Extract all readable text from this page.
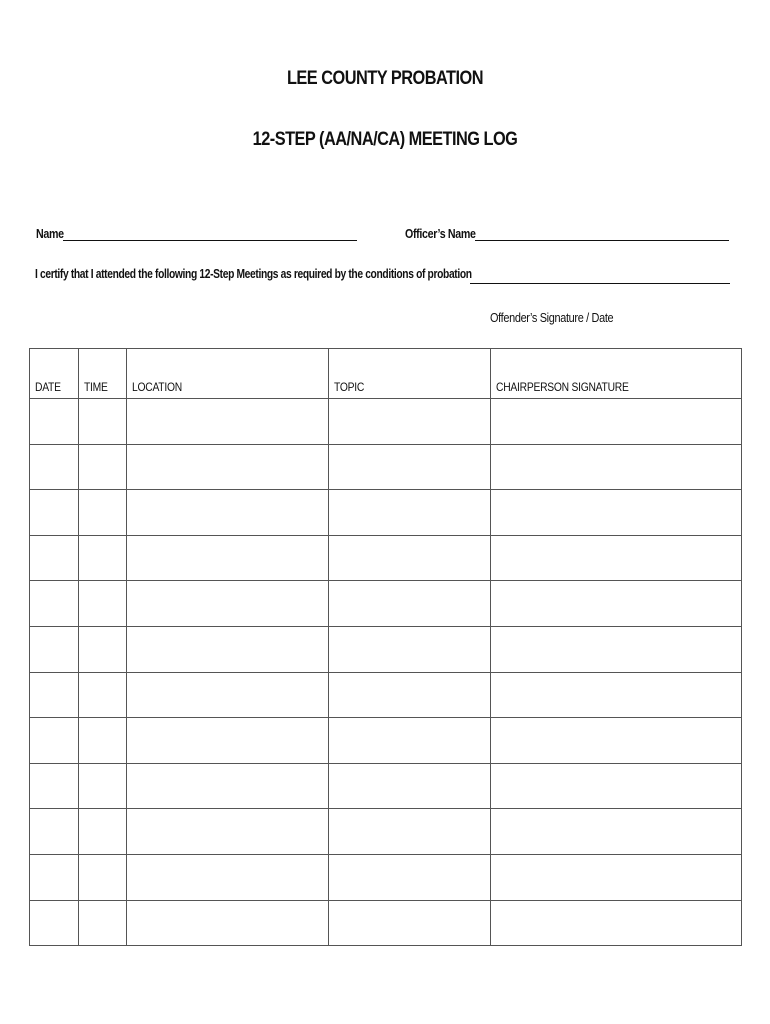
LEE COUNTY PROBATION
12-STEP (AA/NA/CA) MEETING LOG
Name	Officer’s Name
I certify that I attended the following 12-Step Meetings as required by the conditions of probation
Offender’s Signature / Date
DATE	TIME	LOCATION	TOPIC	CHAIRPERSON SIGNATURE
